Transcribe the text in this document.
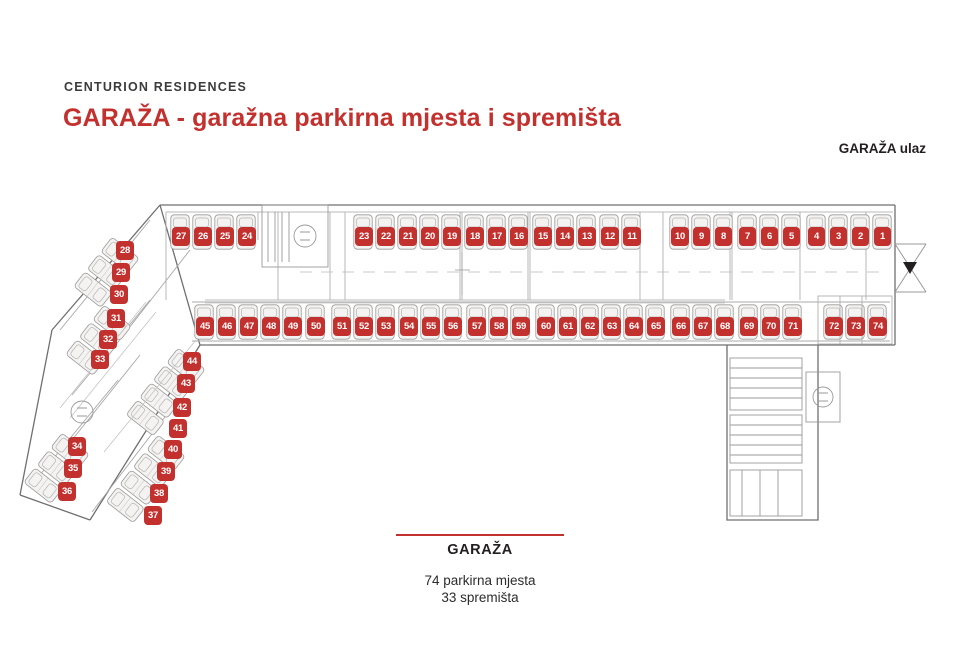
CENTURION RESIDENCES
GARAŽA - garažna parkirna mjesta i spremišta
GARAŽA ulaz
27	26	25	24	23	22	21	20	19	18	17	16	15	14	13	12	11	10	9	8	7	6	5	4	3	2	1
45	46	47	48	49	50	51	52	53	54	55	56	57	58	59	60	61	62	63	64	65	66	67	68	69	70	71	72	73	74
28
29
30
31
32
33
34
35
36
44
43
42
41
40
39
38
37
GARAŽA
74 parkirna mjesta
33 spremišta
